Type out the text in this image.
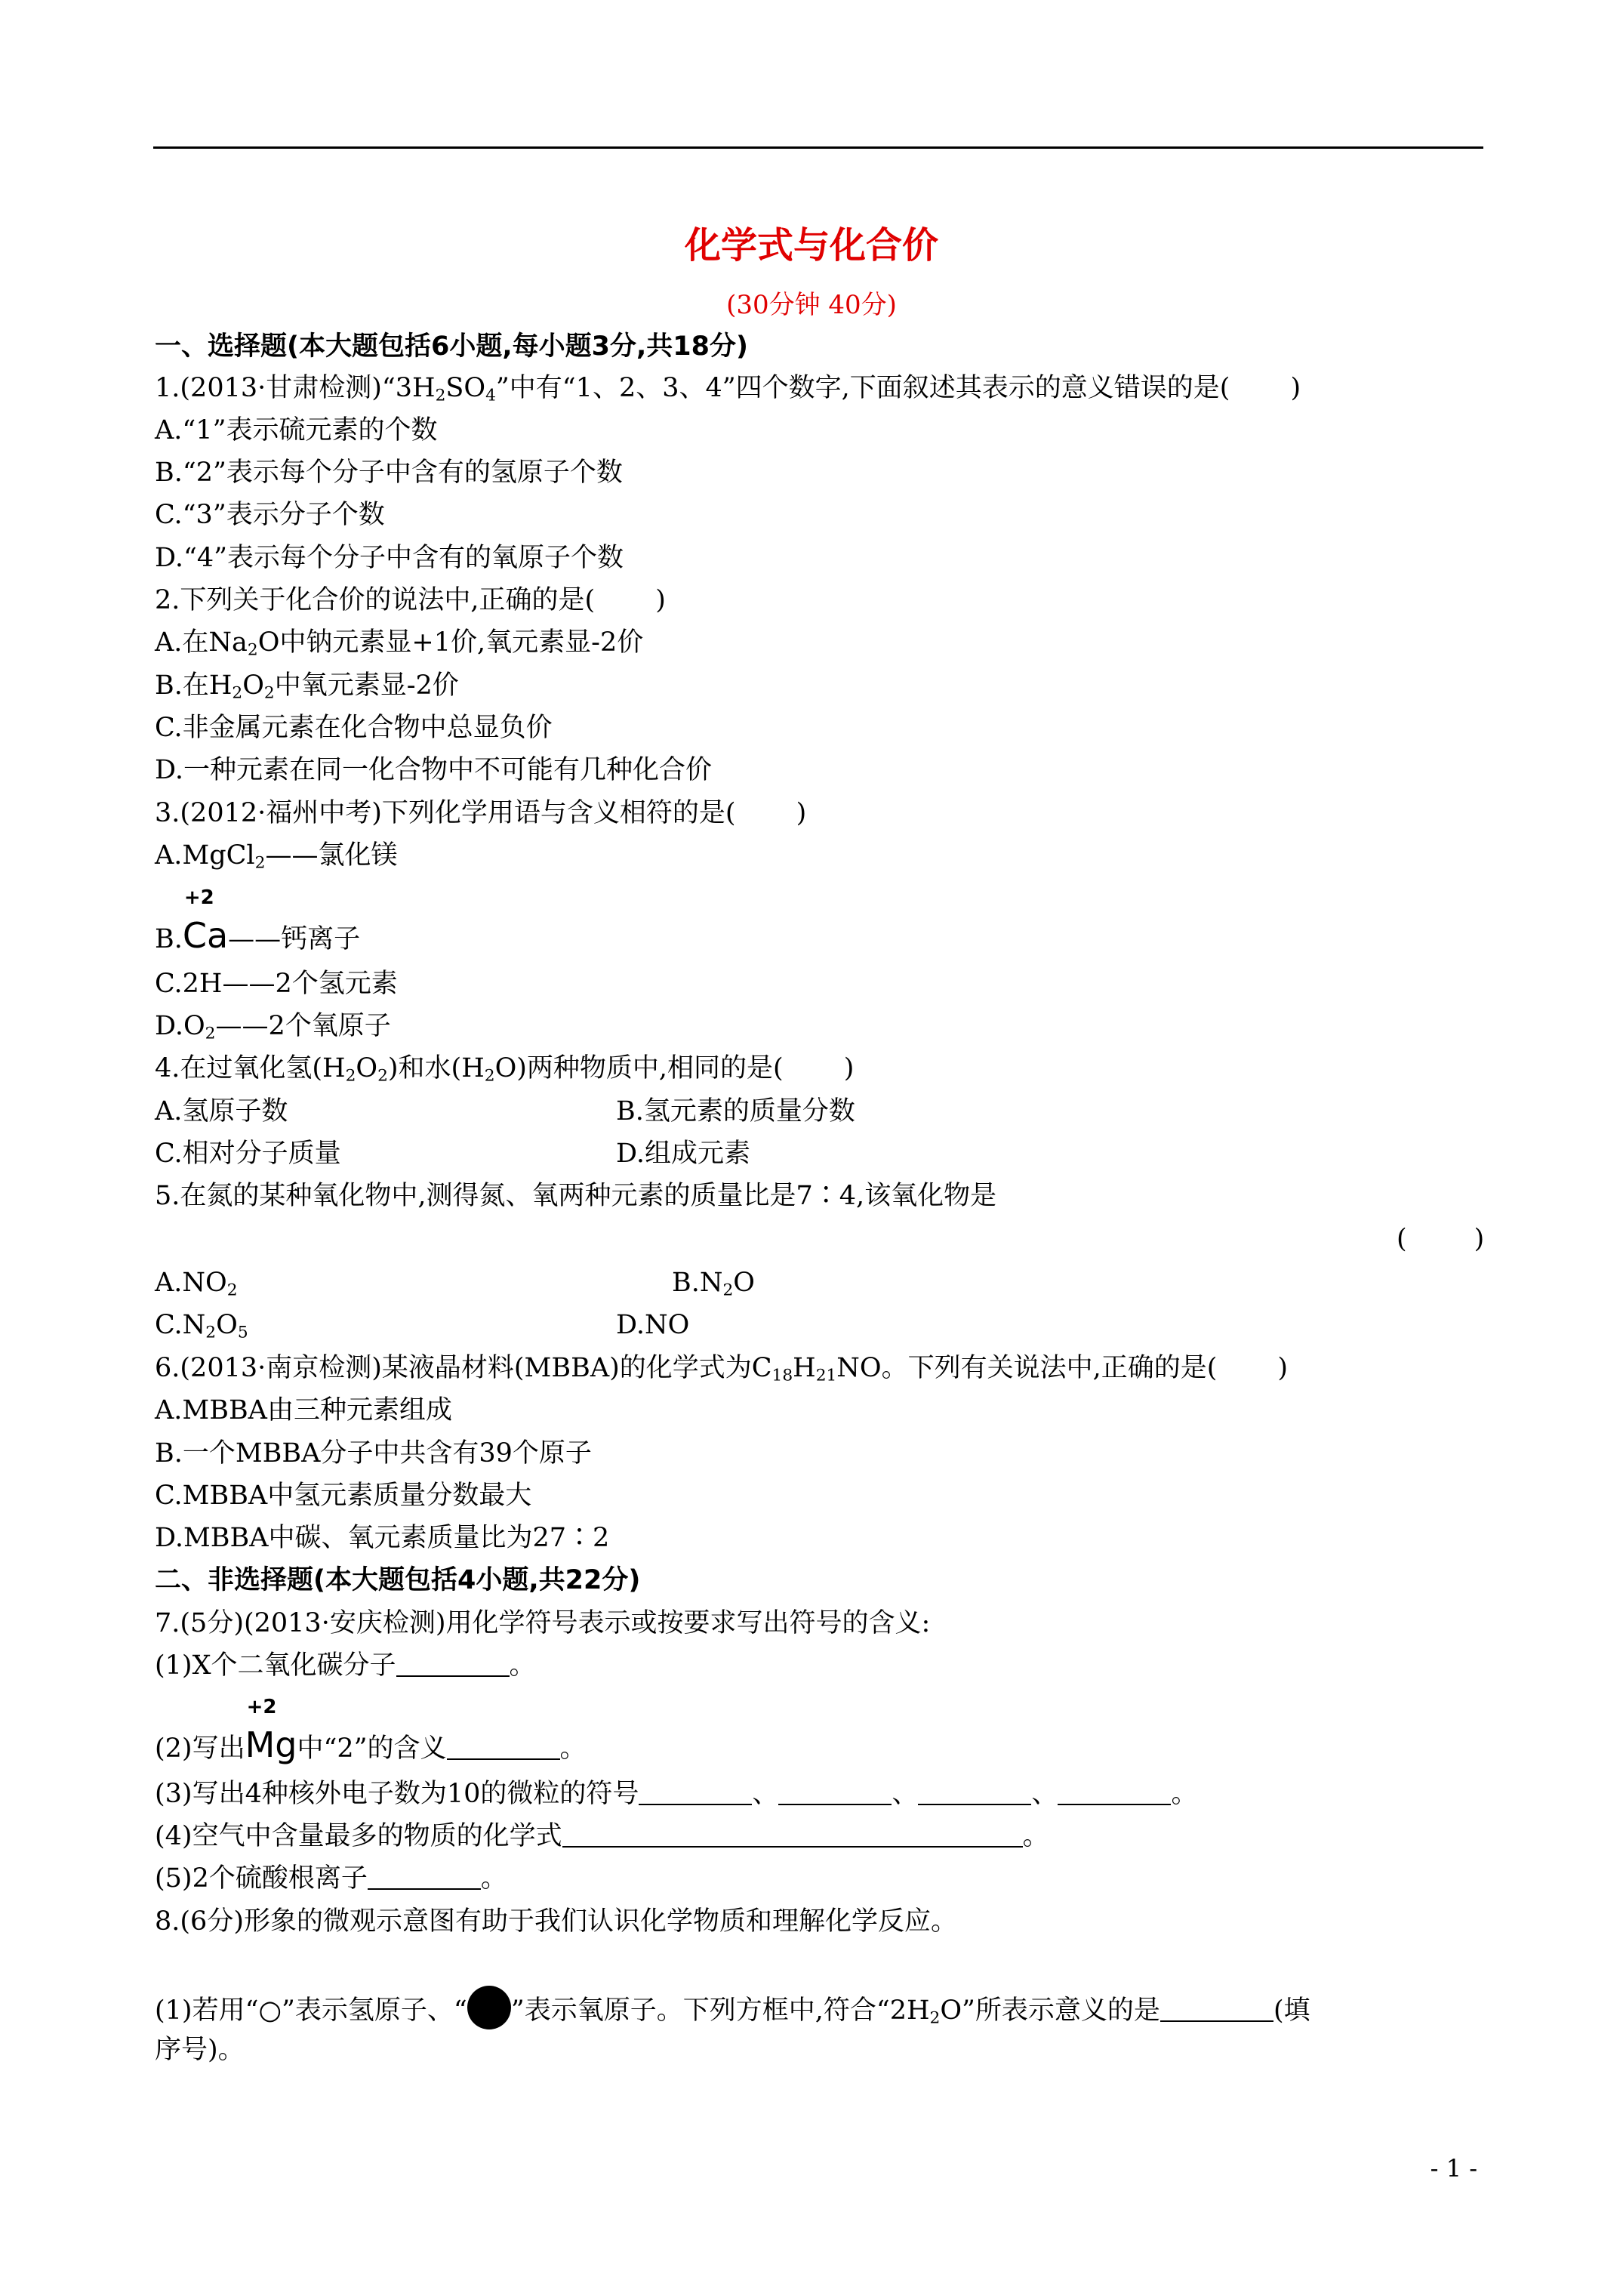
化学式与化合价
(30分钟 40分)
一、选择题(本大题包括6小题,每小题3分,共18分)
1.(2013·甘肃检测)“$3H_2SO_4$”中有“1、2、3、4”四个数字,下面叙述其表示的意义错误的是( )
A.“1”表示硫元素的个数
B.“2”表示每个分子中含有的氢原子个数
C.“3”表示分子个数
D.“4”表示每个分子中含有的氧原子个数
2.下列关于化合价的说法中,正确的是( )
A.在$Na_2O$中钠元素显+1价,氧元素显-2价
B.在$H_2O_2$中氧元素显-2价
C.非金属元素在化合物中总显负价
D.一种元素在同一化合物中不可能有几种化合价
3.(2012·福州中考)下列化学用语与含义相符的是( )
A.MgCl$_2$——氯化镁
B.
+2
Ca——钙离子
C.2H——2个氢元素
$D.O_2——2$个氧原子
4.在过氧化氢$(H_2O_2)$和水$(H_2O)$两种物质中,相同的是( )
A.氢原子数	B.氢元素的质量分数
C.相对分子质量	D.组成元素
5.在氮的某种氧化物中,测得氮、氧两种元素的质量比是7∶4,该氧化物是
(        )
$A.NO_2$	$B.N_2O$
$C.N_2O_5$	D.NO
6.(2013·南京检测)某液晶材料(MBBA)的化学式为$C_{18}H_{21}NO$。下列有关说法中,正确的是( )
A.MBBA由三种元素组成
B.一个MBBA分子中共含有39个原子
C.MBBA中氢元素质量分数最大
D.MBBA中碳、氧元素质量比为27∶2
二、非选择题(本大题包括4小题,共22分)
7.(5分)(2013·安庆检测)用化学符号表示或按要求写出符号的含义:
(1)X个二氧化碳分子	。
(2)写出
+2
Mg中“2”的含义	。
(3)写出4种核外电子数为10的微粒的符号	、	、	、	。
(4)空气中含量最多的物质的化学式	。
(5)2个硫酸根离子	。
8.(6分)形象的微观示意图有助于我们认识化学物质和理解化学反应。
(1)若用“○”表示氢原子、“ ”表示氧原子。下列方框中,符合“$2H_2O$”所表示意义的是	(填
序号)。
- 1 -
